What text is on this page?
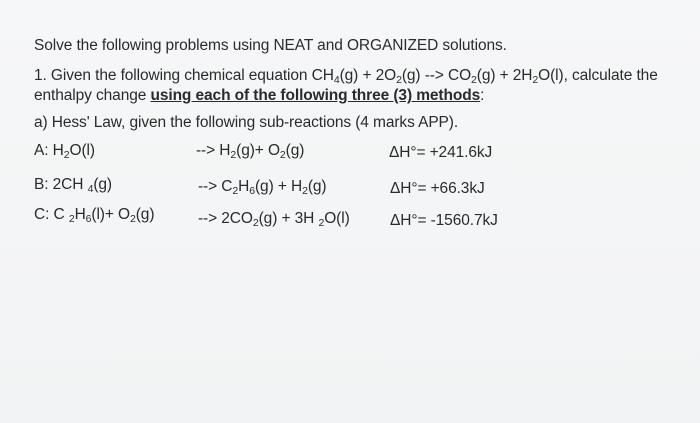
Solve the following problems using NEAT and ORGANIZED solutions.
1. Given the following chemical equation $CH_4(g) + 2O_2(g)$ --> $CO_2(g) + 2H_2O(l)$, calculate the
enthalpy change using each of the following three (3) methods:
a) Hess' Law, given the following sub-reactions (4 marks APP).
A: $H_2O(l)$	--> $H_2(g)+ O_2(g)$	ΔH°= +241.6kJ
B: 2CH $_4$(g)	--> $C_2H_6(g) + H_2(g)$	ΔH°= +66.3kJ
C: C $_2H_6(l)+ O_2(g)$	--> $2CO_2(g) + 3H$ $_2$O(l)	ΔH°= -1560.7kJ
